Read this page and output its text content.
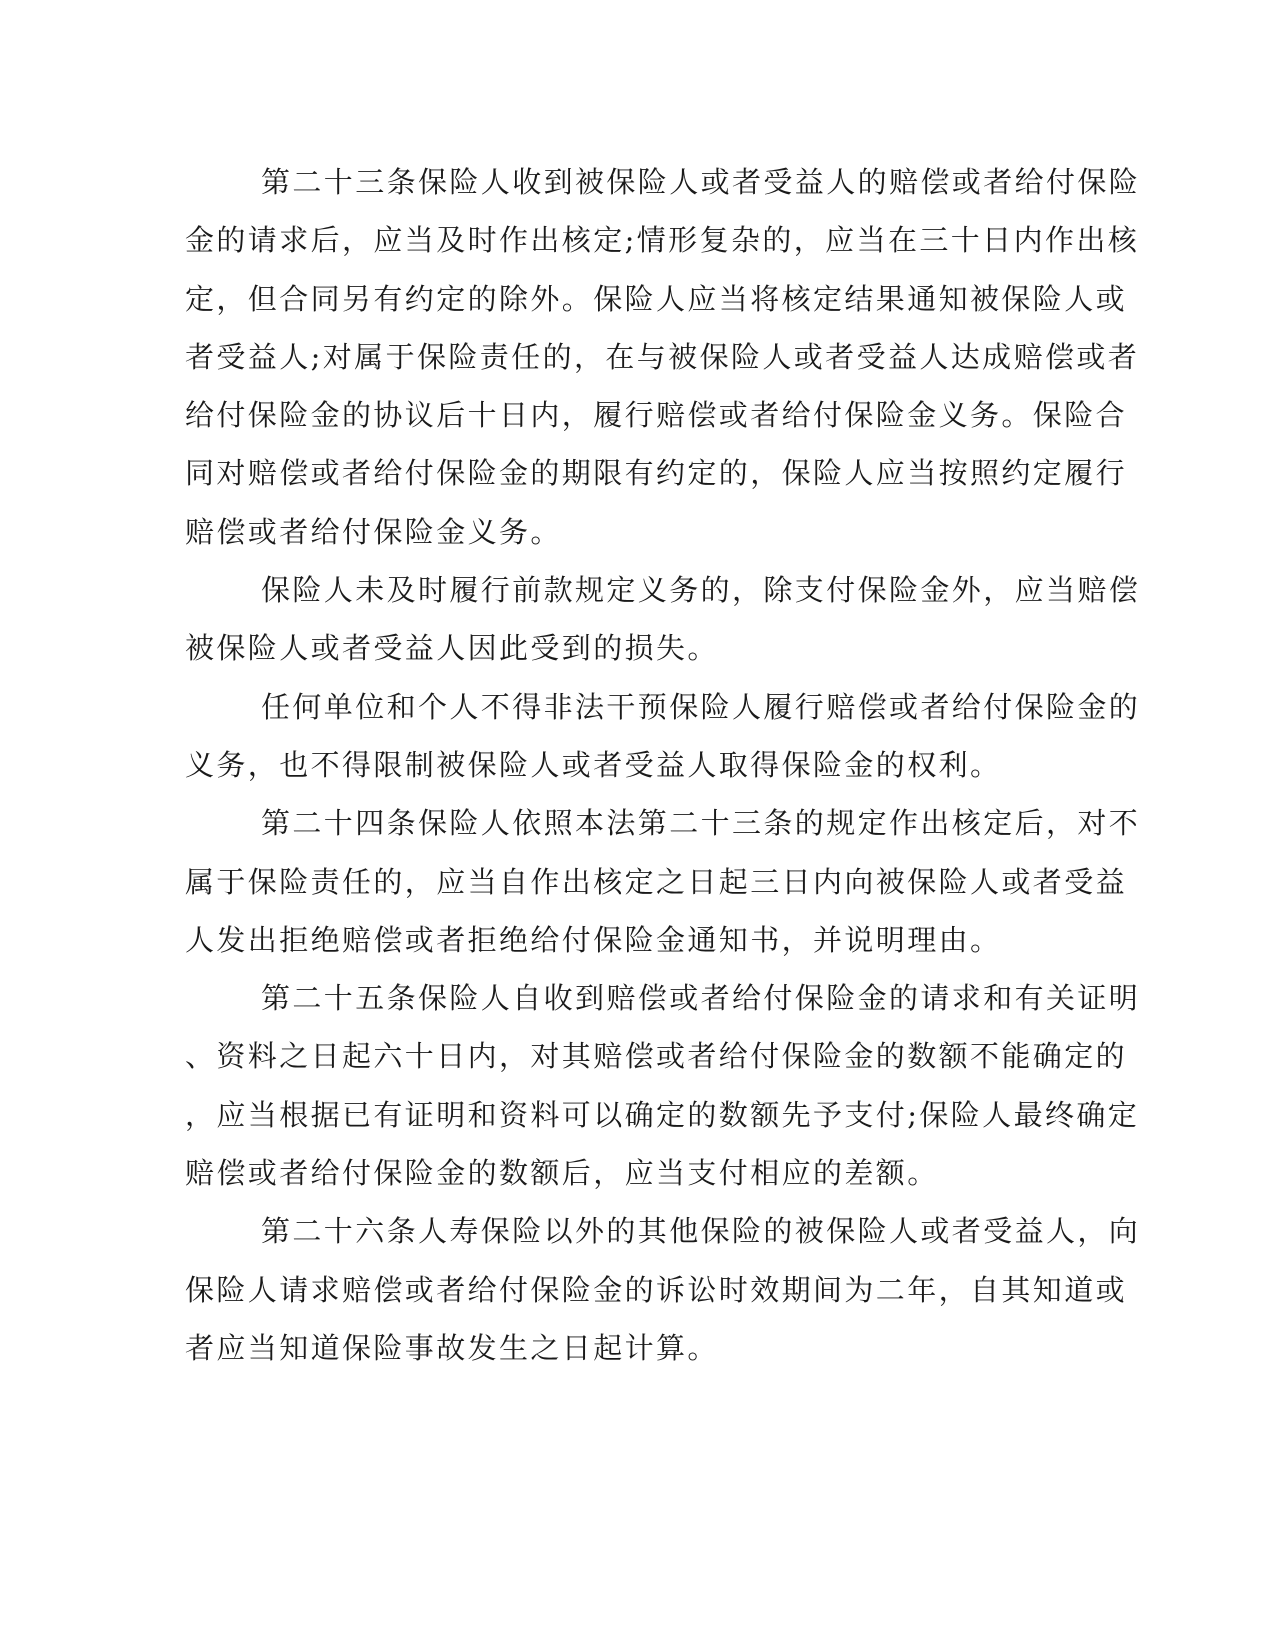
第二十三条保险人收到被保险人或者受益人的赔偿或者给付保险
金的请求后，应当及时作出核定;情形复杂的，应当在三十日内作出核
定，但合同另有约定的除外。保险人应当将核定结果通知被保险人或
者受益人;对属于保险责任的，在与被保险人或者受益人达成赔偿或者
给付保险金的协议后十日内，履行赔偿或者给付保险金义务。保险合
同对赔偿或者给付保险金的期限有约定的，保险人应当按照约定履行
赔偿或者给付保险金义务。
保险人未及时履行前款规定义务的，除支付保险金外，应当赔偿
被保险人或者受益人因此受到的损失。
任何单位和个人不得非法干预保险人履行赔偿或者给付保险金的
义务，也不得限制被保险人或者受益人取得保险金的权利。
第二十四条保险人依照本法第二十三条的规定作出核定后，对不
属于保险责任的，应当自作出核定之日起三日内向被保险人或者受益
人发出拒绝赔偿或者拒绝给付保险金通知书，并说明理由。
第二十五条保险人自收到赔偿或者给付保险金的请求和有关证明
、资料之日起六十日内，对其赔偿或者给付保险金的数额不能确定的
，应当根据已有证明和资料可以确定的数额先予支付;保险人最终确定
赔偿或者给付保险金的数额后，应当支付相应的差额。
第二十六条人寿保险以外的其他保险的被保险人或者受益人，向
保险人请求赔偿或者给付保险金的诉讼时效期间为二年，自其知道或
者应当知道保险事故发生之日起计算。
